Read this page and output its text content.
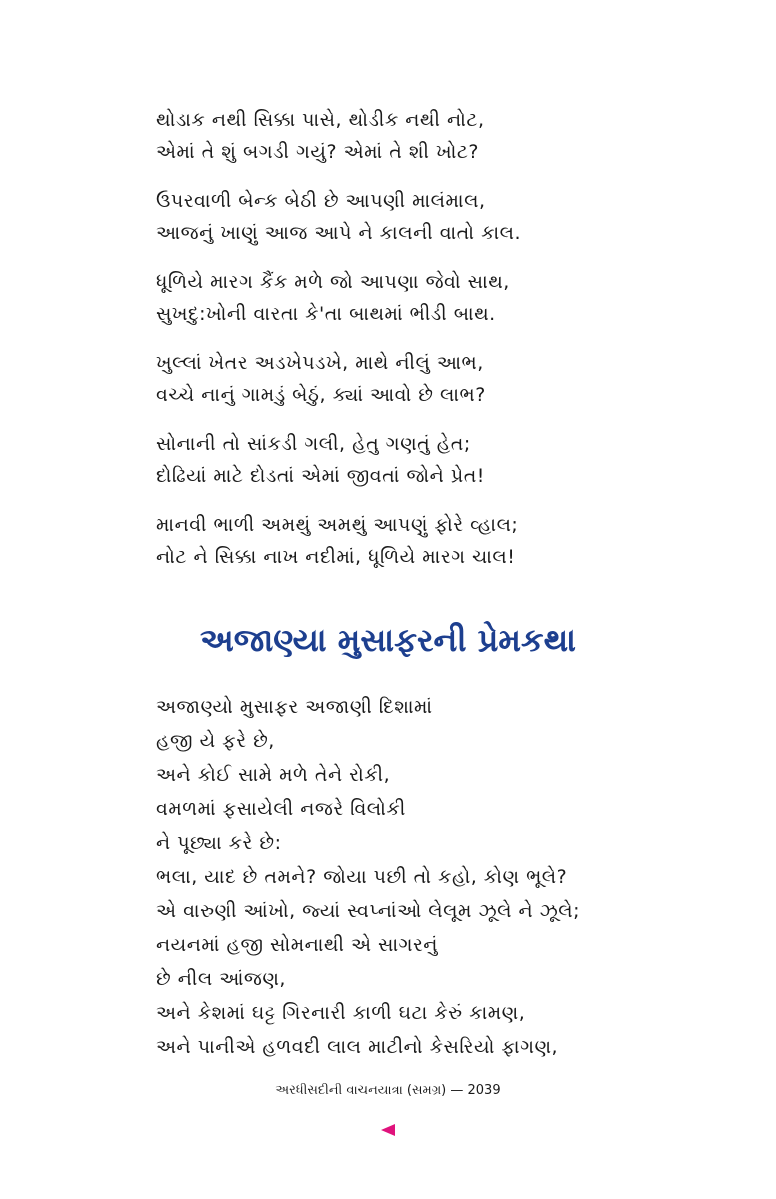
થોડાક નથી સિક્કા પાસે, થોડીક નથી નોટ,
એમાં તે શું બગડી ગયું? એમાં તે શી ખોટ?
ઉપરવાળી બેન્ક બેઠી છે આપણી માલંમાલ,
આજનું ખાણું આજ આપે ને કાલની વાતો કાલ.
ધૂળિયે મારગ કૈંક મળે જો આપણા જેવો સાથ,
સુખદુ:ખોની વારતા કે'તા બાથમાં ભીડી બાથ.
ખુલ્લાં ખેતર અડખેપડખે, માથે નીલું આભ,
વચ્ચે નાનું ગામડું બેઠું, ક્યાં આવો છે લાભ?
સોનાની તો સાંકડી ગલી, હેતુ ગણતું હેત;
દોઢિયાં માટે દોડતાં એમાં જીવતાં જોને પ્રેત!
માનવી ભાળી અમથું અમથું આપણું ફોરે વ્હાલ;
નોટ ને સિક્કા નાખ નદીમાં, ધૂળિયે મારગ ચાલ!
અજાણ્યા મુસાફરની પ્રેમકથા
અજાણ્યો મુસાફર અજાણી દિશામાં
હજી યે ફરે છે,
અને કોઈ સામે મળે તેને રોકી,
વમળમાં ફસાયેલી નજરે વિલોકી
ને પૂછ્યા કરે છે:
ભલા, યાદ છે તમને? જોયા પછી તો કહો, કોણ ભૂલે?
એ વારુણી આંખો, જ્યાં સ્વપ્નાંઓ લેલૂમ ઝૂલે ને ઝૂલે;
નયનમાં હજી સોમનાથી એ સાગરનું
છે નીલ આંજણ,
અને કેશમાં ઘટ્ટ ગિરનારી કાળી ઘટા કેરું કામણ,
અને પાનીએ હળવદી લાલ માટીનો કેસરિયો ફાગણ,
અરધીસદીની વાચનયાત્રા (સમગ્ર) — 2039
